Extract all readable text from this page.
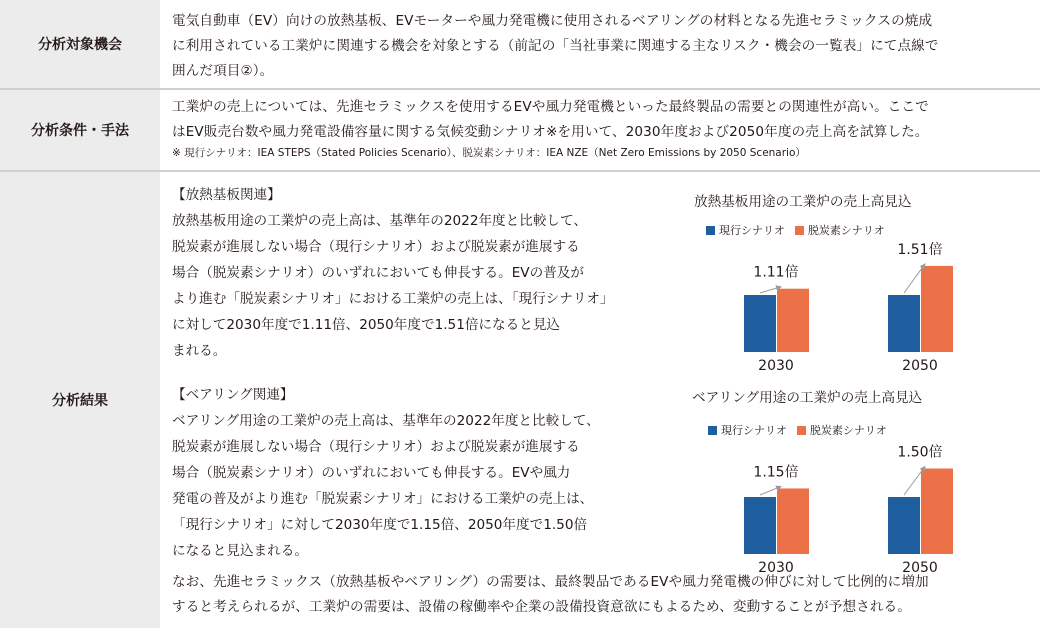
分析対象機会

電気自動車（EV）向けの放熱基板、EVモーターや風力発電機に使用されるベアリングの材料となる先進セラミックスの焼成

に利用されている工業炉に関連する機会を対象とする（前記の「当社事業に関連する主なリスク・機会の一覧表」にて点線で

囲んだ項目②）。

分析条件・手法

工業炉の売上については、先進セラミックスを使用するEVや風力発電機といった最終製品の需要との関連性が高い。ここで

はEV販売台数や風力発電設備容量に関する気候変動シナリオ※を用いて、2030年度および2050年度の売上高を試算した。

※ 現行シナリオ：IEA STEPS（Stated Policies Scenario）、脱炭素シナリオ：IEA NZE（Net Zero Emissions by 2050 Scenario）

分析結果

【放熱基板関連】

放熱基板用途の工業炉の売上高は、基準年の2022年度と比較して、

脱炭素が進展しない場合（現行シナリオ）および脱炭素が進展する

場合（脱炭素シナリオ）のいずれにおいても伸長する。EVの普及が

より進む「脱炭素シナリオ」における工業炉の売上は、「現行シナリオ」

に対して2030年度で1.11倍、2050年度で1.51倍になると見込

まれる。

【ベアリング関連】

ベアリング用途の工業炉の売上高は、基準年の2022年度と比較して、

脱炭素が進展しない場合（現行シナリオ）および脱炭素が進展する

場合（脱炭素シナリオ）のいずれにおいても伸長する。EVや風力

発電の普及がより進む「脱炭素シナリオ」における工業炉の売上は、

「現行シナリオ」に対して2030年度で1.15倍、2050年度で1.50倍

になると見込まれる。

放熱基板用途の工業炉の売上高見込
現行シナリオ 脱炭素シナリオ
1.11倍
2030
1.51倍
2050
ベアリング用途の工業炉の売上高見込
現行シナリオ 脱炭素シナリオ
1.15倍
2030
1.50倍
2050

なお、先進セラミックス（放熱基板やベアリング）の需要は、最終製品であるEVや風力発電機の伸びに対して比例的に増加

すると考えられるが、工業炉の需要は、設備の稼働率や企業の設備投資意欲にもよるため、変動することが予想される。
